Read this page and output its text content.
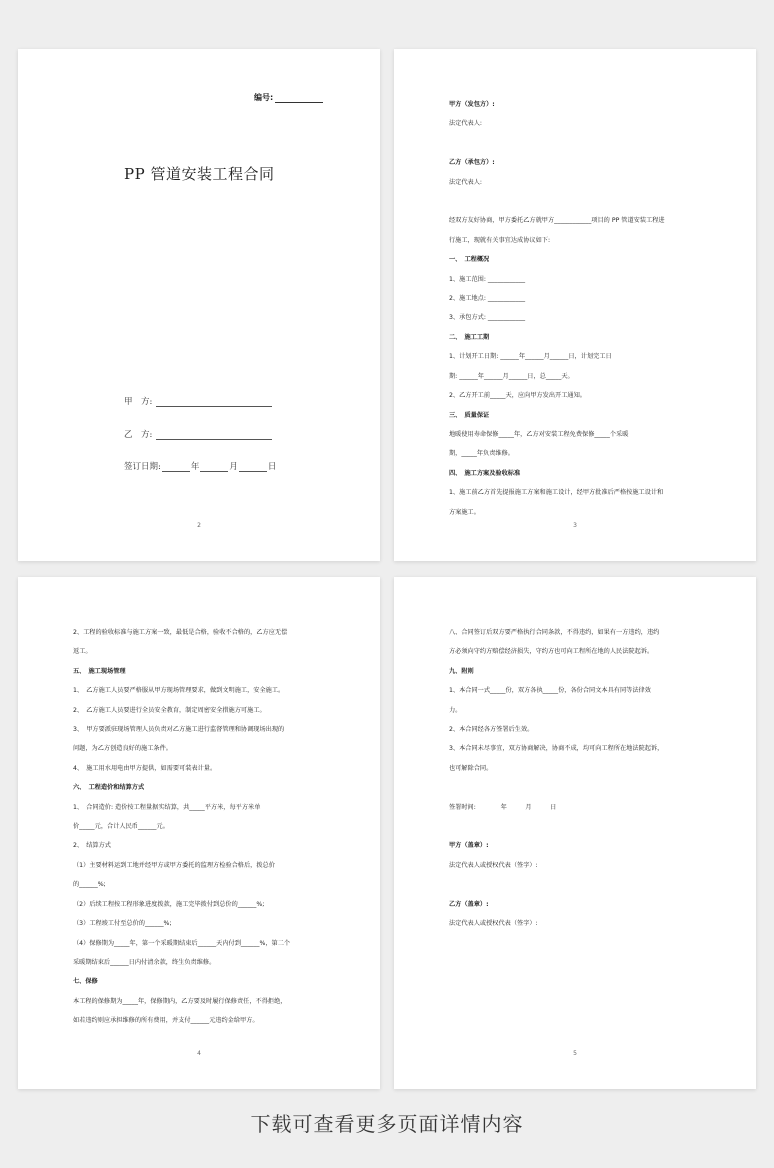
编号:
PP 管道安装工程合同
甲　方:
乙　方:
签订日期:	年	月	日
2

甲方（发包方）:

法定代表人:

乙方（承包方）:

法定代表人:

经双方友好协商，甲方委托乙方就甲方____________项目的 PP 管道安装工程进

行施工，现就有关事宜达成协议如下:

一、　工程概况

1、施工范围: ____________

2、施工地点: ____________

3、承包方式: ____________

二、　施工工期

1、计划开工日期: ______年______月______日，计划完工日

期: ______年______月______日，总_____天。

2、乙方开工前_____天，应向甲方发出开工通知。

三、　质量保证

地暖使用寿命保修_____年，乙方对安装工程免费保修_____个采暖

期，_____年负责维修。

四、　施工方案及验收标准

1、施工前乙方首先提报施工方案和施工设计，经甲方批准后严格按施工设计和

方案施工。

3

2、工程的验收标准与施工方案一致，最低是合格，验收不合格的，乙方应无偿

返工。

五、　施工现场管理

1、　乙方施工人员要严格服从甲方现场管理要求，做到文明施工，安全施工。

2、　乙方施工人员要进行全员安全教育，制定周密安全措施方可施工。

3、　甲方要派驻现场管理人员负责对乙方施工进行监督管理和协调现场出现的

问题，为乙方创造良好的施工条件。

4、　施工用水用电由甲方提供，如需要可装表计量。

六、　工程造价和结算方式

1、　合同造价: 造价按工程量据实结算，共_____平方米，每平方米单

价_____元，合计人民币______元。

2、　结算方式

（1）主要材料运到工地并经甲方或甲方委托的监理方检验合格后，拨总价

的______%;

（2）后续工程按工程形象进度拨款，施工完毕拨付到总价的______%;

（3）工程竣工付至总价的______%;

（4）保修期为_____年，第一个采暖期结束后______天内付到______%，第二个

采暖期结束后______日内付清余款，终生负责维修。

七、保修

本工程的保修期为_____年，保修期内，乙方要及时履行保修责任，不得拒绝，

如若违约则应承担维修的所有费用，并支付______元违约金给甲方。

4

八、合同签订后双方要严格执行合同条款，不得违约，如果有一方违约，违约

方必须向守约方赔偿经济损失，守约方也可向工程所在地的人民法院起诉。

九、附则

1、本合同一式_____份，双方各执_____份，各份合同文本具有同等法律效

力。

2、本合同经各方签署后生效。

3、本合同未尽事宜，双方协商解决，协商不成，均可向工程所在地法院起诉，

也可解除合同。

签署时间:　　　　年　　　月　　　日

甲方（盖章）:

法定代表人或授权代表（签字）:

乙方（盖章）:

法定代表人或授权代表（签字）:

5
下载可查看更多页面详情内容
